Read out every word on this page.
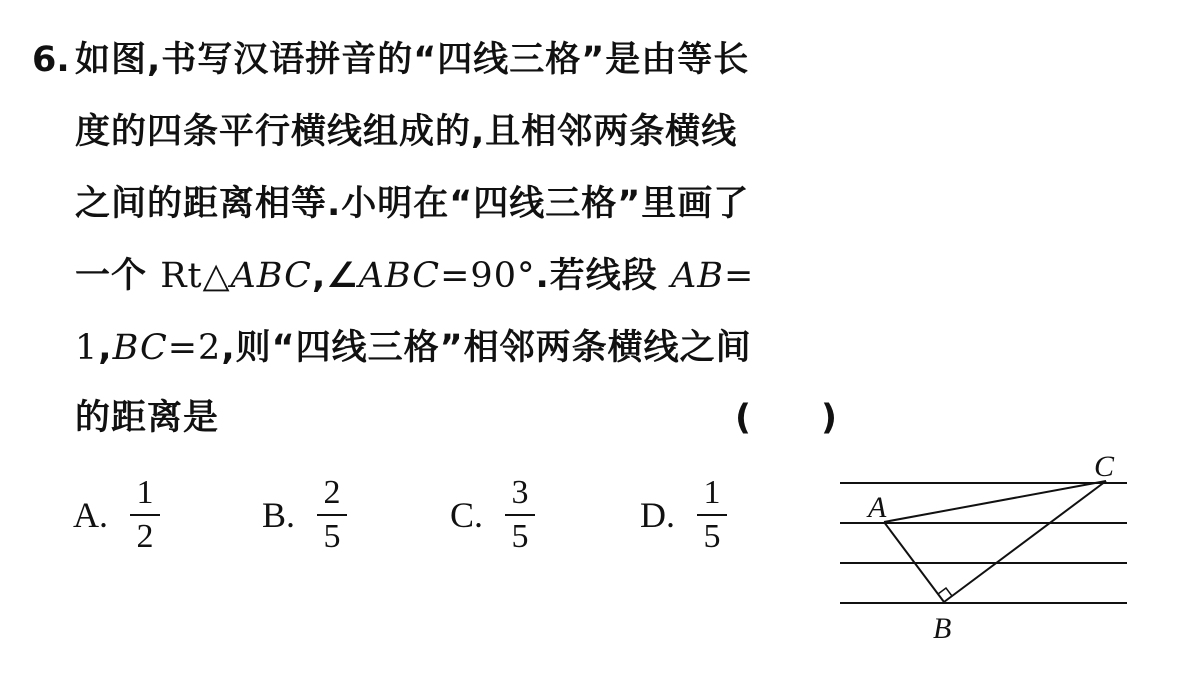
6. 如图,书写汉语拼音的“四线三格”是由等长
度的四条平行横线组成的,且相邻两条横线
之间的距离相等.小明在“四线三格”里画了
一个 Rt△ABC,∠ABC=90°.若线段 AB=
1,BC=2,则“四线三格”相邻两条横线之间
的距离是	( )
A. $\frac{1}{2}$	B. $\frac{2}{5}$	C. $\frac{3}{5}$	D. $\frac{1}{5}$	A
B
C
